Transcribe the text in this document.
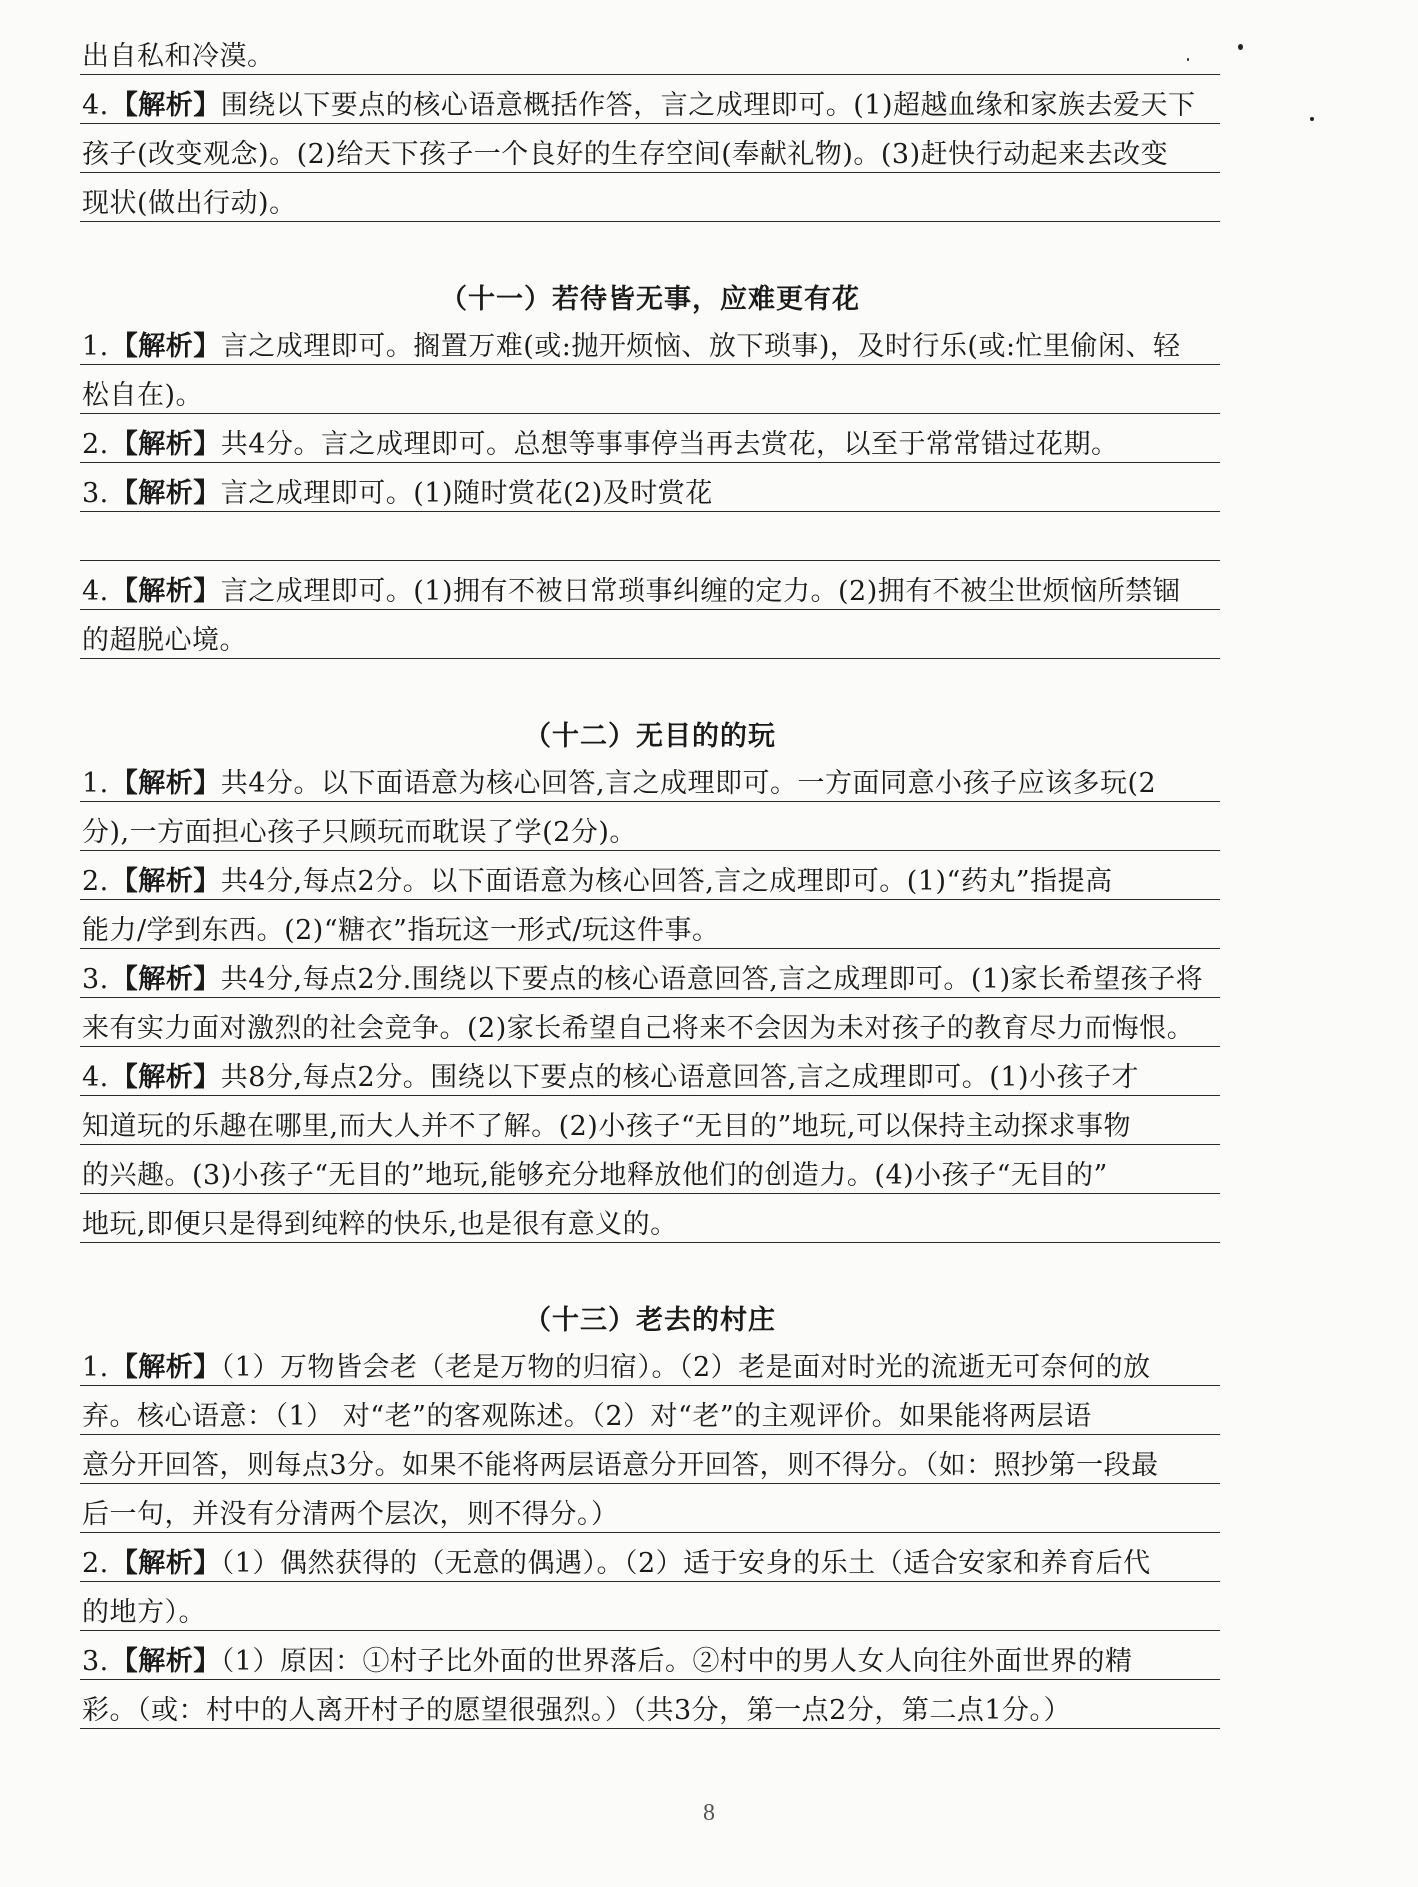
出自私和冷漠。
4.【解析】围绕以下要点的核心语意概括作答，言之成理即可。(1)超越血缘和家族去爱天下
孩子(改变观念)。(2)给天下孩子一个良好的生存空间(奉献礼物)。(3)赶快行动起来去改变
现状(做出行动)。
（十一）若待皆无事，应难更有花
1.【解析】言之成理即可。搁置万难(或:抛开烦恼、放下琐事)，及时行乐(或:忙里偷闲、轻
松自在)。
2.【解析】共4分。言之成理即可。总想等事事停当再去赏花，以至于常常错过花期。
3.【解析】言之成理即可。(1)随时赏花(2)及时赏花
4.【解析】言之成理即可。(1)拥有不被日常琐事纠缠的定力。(2)拥有不被尘世烦恼所禁锢
的超脱心境。
（十二）无目的的玩
1.【解析】共4分。以下面语意为核心回答,言之成理即可。一方面同意小孩子应该多玩(2
分),一方面担心孩子只顾玩而耽误了学(2分)。
2.【解析】共4分,每点2分。以下面语意为核心回答,言之成理即可。(1)“药丸”指提高
能力/学到东西。(2)“糖衣”指玩这一形式/玩这件事。
3.【解析】共4分,每点2分.围绕以下要点的核心语意回答,言之成理即可。(1)家长希望孩子将
来有实力面对激烈的社会竞争。(2)家长希望自己将来不会因为未对孩子的教育尽力而悔恨。
4.【解析】共8分,每点2分。围绕以下要点的核心语意回答,言之成理即可。(1)小孩子才
知道玩的乐趣在哪里,而大人并不了解。(2)小孩子“无目的”地玩,可以保持主动探求事物
的兴趣。(3)小孩子“无目的”地玩,能够充分地释放他们的创造力。(4)小孩子“无目的”
地玩,即便只是得到纯粹的快乐,也是很有意义的。
（十三）老去的村庄
1.【解析】（1）万物皆会老（老是万物的归宿）。（2）老是面对时光的流逝无可奈何的放
弃。核心语意：（1） 对“老”的客观陈述。（2）对“老”的主观评价。如果能将两层语
意分开回答，则每点3分。如果不能将两层语意分开回答，则不得分。（如：照抄第一段最
后一句，并没有分清两个层次，则不得分。）
2.【解析】（1）偶然获得的（无意的偶遇）。（2）适于安身的乐土（适合安家和养育后代
的地方）。
3.【解析】（1）原因：①村子比外面的世界落后。②村中的男人女人向往外面世界的精
彩。（或：村中的人离开村子的愿望很强烈。）（共3分，第一点2分，第二点1分。）
8
